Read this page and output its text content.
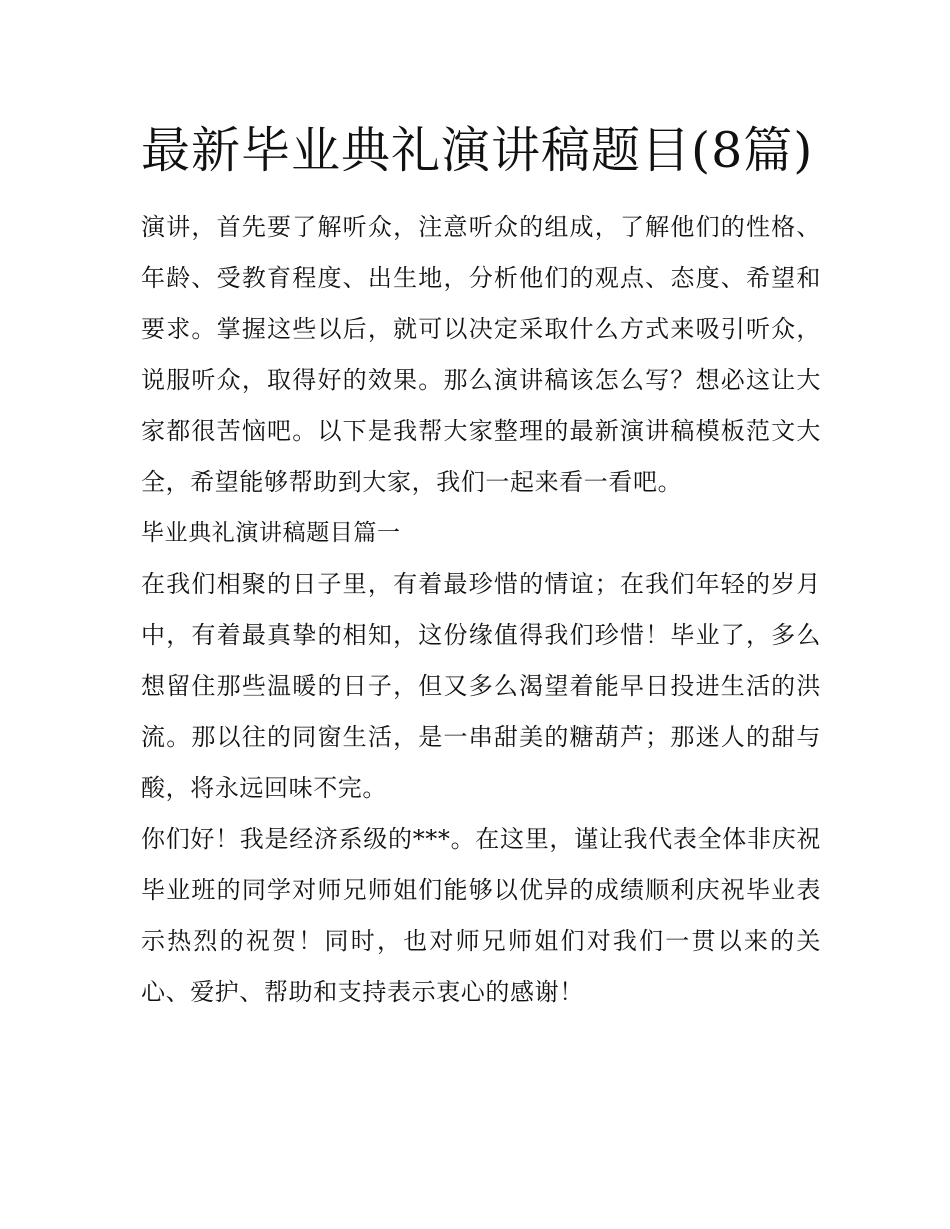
最新毕业典礼演讲稿题目(8篇)

演讲，首先要了解听众，注意听众的组成，了解他们的性格、年龄、受教育程度、出生地，分析他们的观点、态度、希望和要求。掌握这些以后，就可以决定采取什么方式来吸引听众，说服听众，取得好的效果。那么演讲稿该怎么写？想必这让大家都很苦恼吧。以下是我帮大家整理的最新演讲稿模板范文大全，希望能够帮助到大家，我们一起来看一看吧。

毕业典礼演讲稿题目篇一

在我们相聚的日子里，有着最珍惜的情谊；在我们年轻的岁月中，有着最真挚的相知，这份缘值得我们珍惜！毕业了，多么想留住那些温暖的日子，但又多么渴望着能早日投进生活的洪流。那以往的同窗生活，是一串甜美的糖葫芦；那迷人的甜与酸，将永远回味不完。

你们好！我是经济系级的***。在这里，谨让我代表全体非庆祝毕业班的同学对师兄师姐们能够以优异的成绩顺利庆祝毕业表示热烈的祝贺！同时，也对师兄师姐们对我们一贯以来的关心、爱护、帮助和支持表示衷心的感谢！
